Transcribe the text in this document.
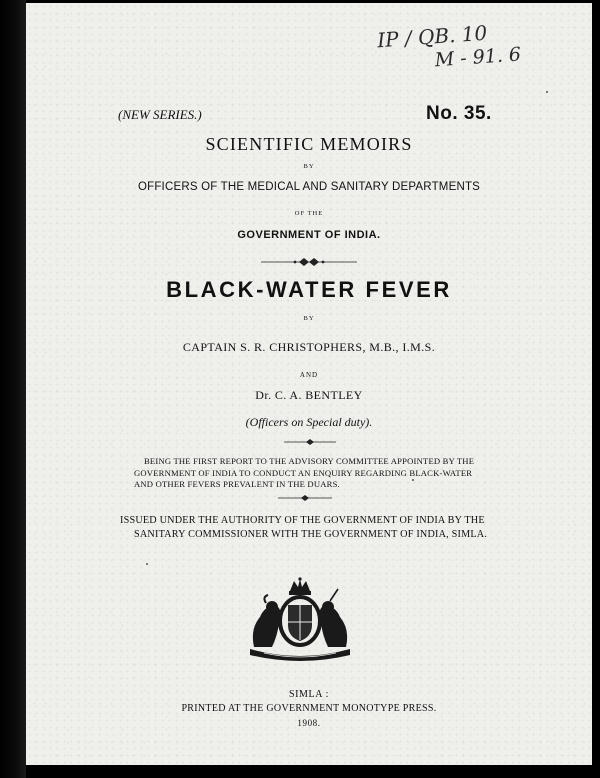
IP / QB. 10
M - 91. 6
(NEW SERIES.)	No. 35.
SCIENTIFIC MEMOIRS
BY
OFFICERS OF THE MEDICAL AND SANITARY DEPARTMENTS
OF THE
GOVERNMENT OF INDIA.
BLACK-WATER FEVER
BY
CAPTAIN S. R. CHRISTOPHERS, M.B., I.M.S.
AND
Dr. C. A. BENTLEY
(Officers on Special duty).
BEING THE FIRST REPORT TO THE ADVISORY COMMITTEE APPOINTED BY THE
GOVERNMENT OF INDIA TO CONDUCT AN ENQUIRY REGARDING BLACK-WATER
AND OTHER FEVERS PREVALENT IN THE DUARS.
ISSUED UNDER THE AUTHORITY OF THE GOVERNMENT OF INDIA BY THE
SANITARY COMMISSIONER WITH THE GOVERNMENT OF INDIA, SIMLA.
SIMLA :
PRINTED AT THE GOVERNMENT MONOTYPE PRESS.
1908.
